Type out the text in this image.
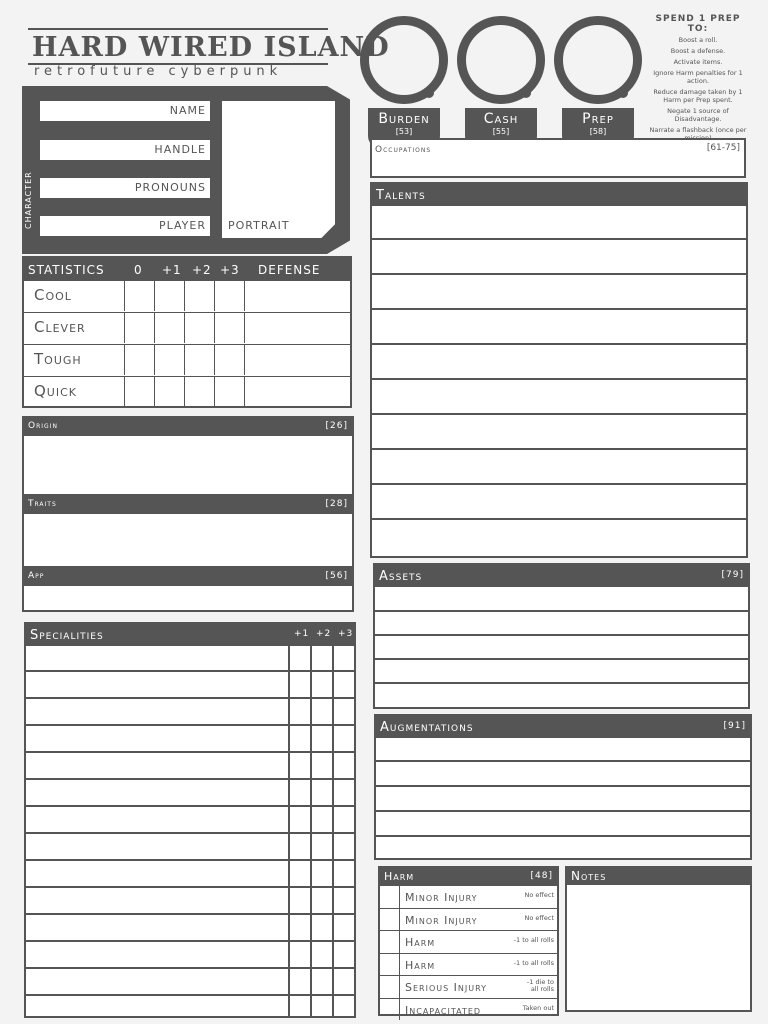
HARD WIRED ISLAND
retrofuture cyberpunk
CHARACTER
NAME
HANDLE
PRONOUNS
PLAYER	PORTRAIT
Burden
[53]
Cash
[55]
Prep
[58]
SPEND 1 PREP TO:
Boost a roll.
Boost a defense.
Activate items.
Ignore Harm penalties for 1 action.
Reduce damage taken by 1 Harm per Prep spent.
Negate 1 source of Disadvantage.
Narrate a flashback (once per
STATISTICS 0 +1 +2 +3 DEFENSE
Cool
Clever
Tough
Quick
Origin	[26]
Traits	[28]
App	[56]
Specialities	+1 +2 +3
Occupations	[61-75]
Talents
Assets	[79]
Augmentations	[91]
Harm	[48]
Minor Injury	No effect
Minor Injury	No effect
Harm	-1 to all rolls
Harm	-1 to all rolls
Serious Injury	-1 die to all rolls
Incapacitated	Taken out
Notes
